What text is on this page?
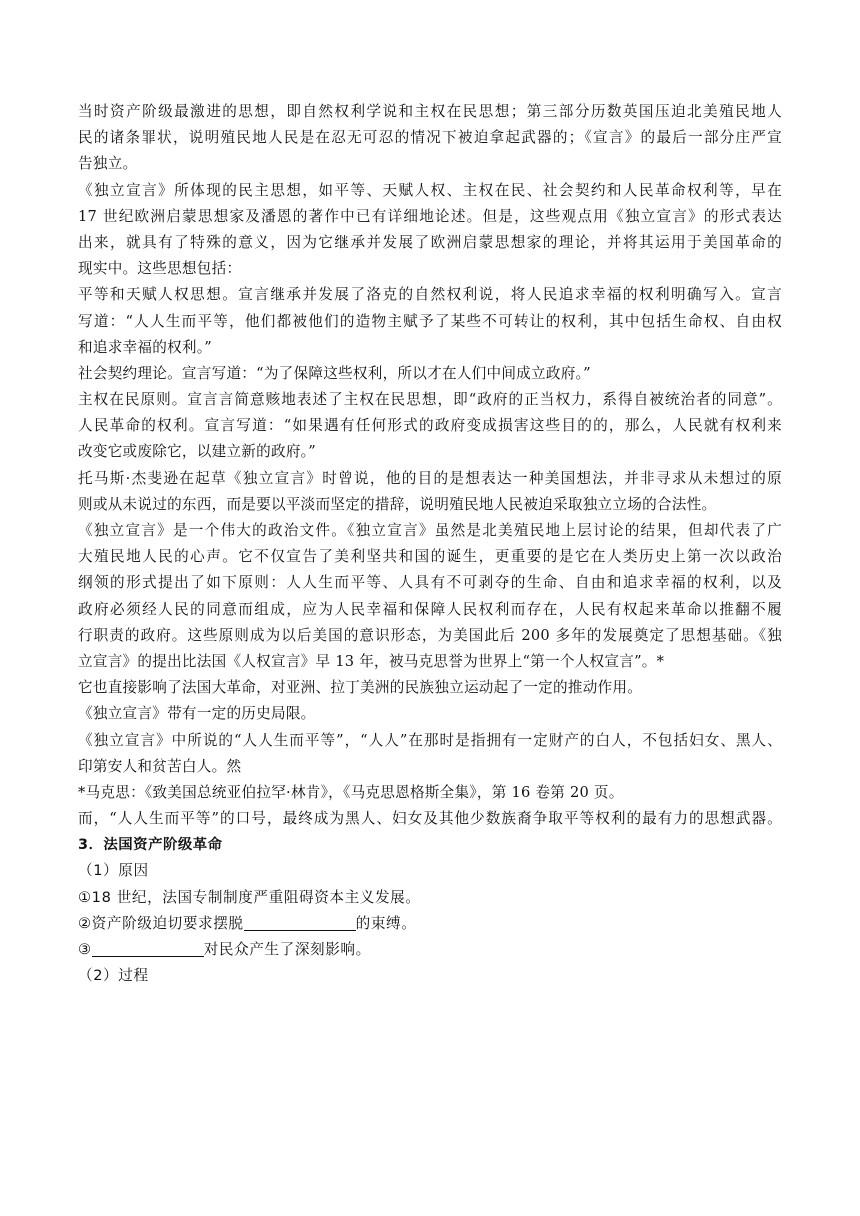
当时资产阶级最激进的思想，即自然权利学说和主权在民思想；第三部分历数英国压迫北美殖民地人
民的诸条罪状，说明殖民地人民是在忍无可忍的情况下被迫拿起武器的；《宣言》的最后一部分庄严宣
告独立。
《独立宣言》所体现的民主思想，如平等、天赋人权、主权在民、社会契约和人民革命权利等，早在
17 世纪欧洲启蒙思想家及潘恩的著作中已有详细地论述。但是，这些观点用《独立宣言》的形式表达
出来，就具有了特殊的意义，因为它继承并发展了欧洲启蒙思想家的理论，并将其运用于美国革命的
现实中。这些思想包括：
平等和天赋人权思想。宣言继承并发展了洛克的自然权利说，将人民追求幸福的权利明确写入。宣言
写道：“人人生而平等，他们都被他们的造物主赋予了某些不可转让的权利，其中包括生命权、自由权
和追求幸福的权利。”
社会契约理论。宣言写道：“为了保障这些权利，所以才在人们中间成立政府。”
主权在民原则。宣言言简意赅地表述了主权在民思想，即“政府的正当权力，系得自被统治者的同意”。
人民革命的权利。宣言写道：“如果遇有任何形式的政府变成损害这些目的的，那么，人民就有权利来
改变它或废除它，以建立新的政府。”
托马斯·杰斐逊在起草《独立宣言》时曾说，他的目的是想表达一种美国想法，并非寻求从未想过的原
则或从未说过的东西，而是要以平淡而坚定的措辞，说明殖民地人民被迫采取独立立场的合法性。
《独立宣言》是一个伟大的政治文件。《独立宣言》虽然是北美殖民地上层讨论的结果，但却代表了广
大殖民地人民的心声。它不仅宣告了美利坚共和国的诞生，更重要的是它在人类历史上第一次以政治
纲领的形式提出了如下原则：人人生而平等、人具有不可剥夺的生命、自由和追求幸福的权利，以及
政府必须经人民的同意而组成，应为人民幸福和保障人民权利而存在，人民有权起来革命以推翻不履
行职责的政府。这些原则成为以后美国的意识形态，为美国此后 200 多年的发展奠定了思想基础。《独
立宣言》的提出比法国《人权宣言》早 13 年，被马克思誉为世界上“第一个人权宣言”。*
它也直接影响了法国大革命，对亚洲、拉丁美洲的民族独立运动起了一定的推动作用。
《独立宣言》带有一定的历史局限。
《独立宣言》中所说的“人人生而平等”，“人人”在那时是指拥有一定财产的白人，不包括妇女、黑人、
印第安人和贫苦白人。然
*马克思：《致美国总统亚伯拉罕·林肯》，《马克思恩格斯全集》，第 16 卷第 20 页。
而，“人人生而平等”的口号，最终成为黑人、妇女及其他少数族裔争取平等权利的最有力的思想武器。
3．法国资产阶级革命
（1）原因
①18 世纪，法国专制制度严重阻碍资本主义发展。
②资产阶级迫切要求摆脱	的束缚。
③	对民众产生了深刻影响。
（2）过程
